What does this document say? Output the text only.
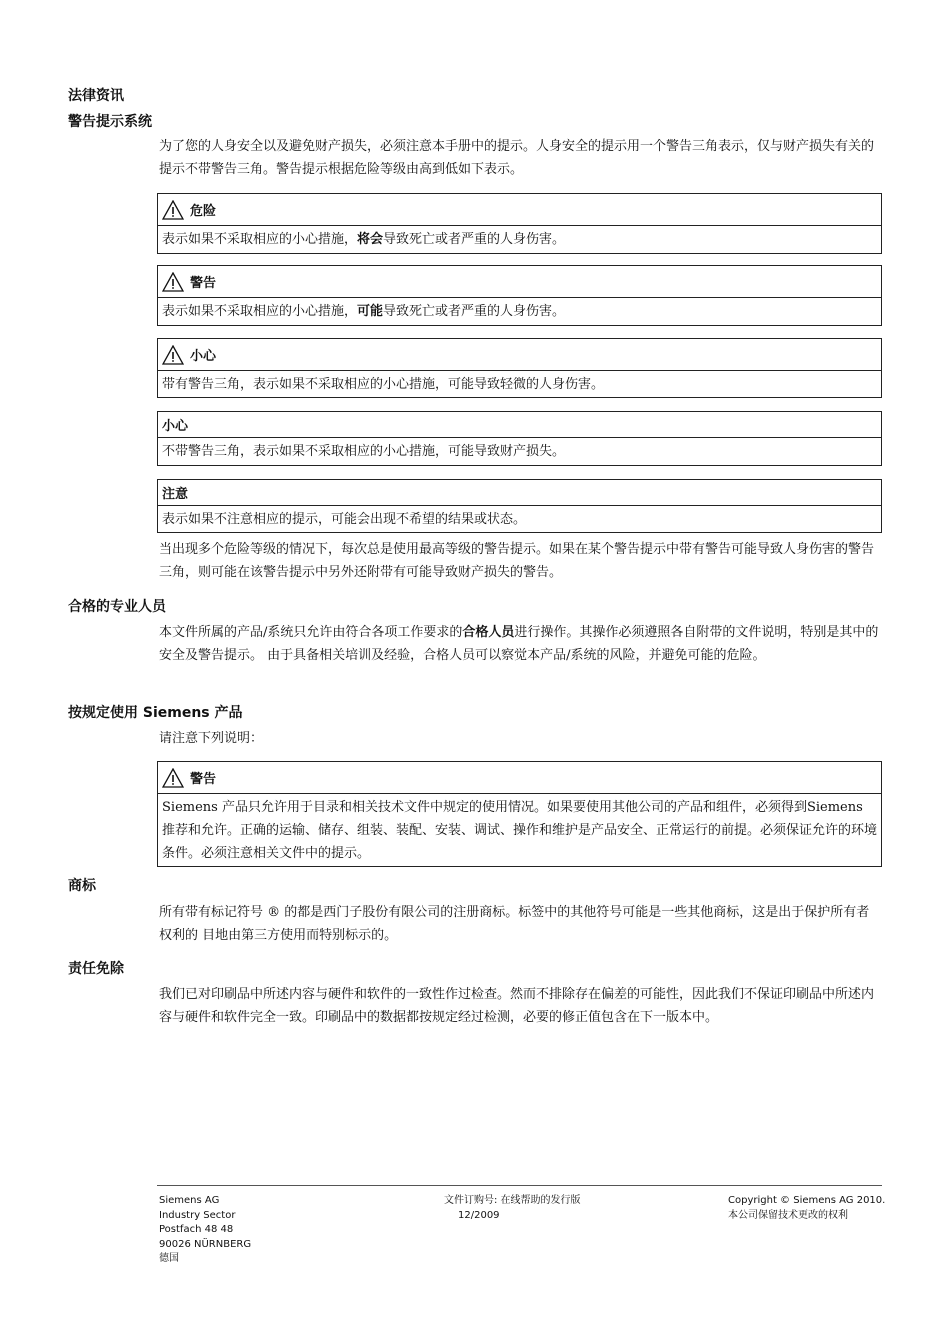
法律资讯
警告提示系统
为了您的人身安全以及避免财产损失，必须注意本手册中的提示。人身安全的提示用一个警告三角表示，仅与财产损失有关的提示不带警告三角。警告提示根据危险等级由高到低如下表示。
危险
表示如果不采取相应的小心措施，将会导致死亡或者严重的人身伤害。
警告
表示如果不采取相应的小心措施，可能导致死亡或者严重的人身伤害。
小心
带有警告三角，表示如果不采取相应的小心措施，可能导致轻微的人身伤害。
小心
不带警告三角，表示如果不采取相应的小心措施，可能导致财产损失。
注意
表示如果不注意相应的提示，可能会出现不希望的结果或状态。
当出现多个危险等级的情况下，每次总是使用最高等级的警告提示。如果在某个警告提示中带有警告可能导致人身伤害的警告三角，则可能在该警告提示中另外还附带有可能导致财产损失的警告。
合格的专业人员
本文件所属的产品/系统只允许由符合各项工作要求的合格人员进行操作。其操作必须遵照各自附带的文件说明，特别是其中的安全及警告提示。 由于具备相关培训及经验，合格人员可以察觉本产品/系统的风险，并避免可能的危险。
按规定使用 Siemens 产品
请注意下列说明：
警告
Siemens 产品只允许用于目录和相关技术文件中规定的使用情况。如果要使用其他公司的产品和组件，必须得到Siemens 推荐和允许。正确的运输、储存、组装、装配、安装、调试、操作和维护是产品安全、正常运行的前提。必须保证允许的环境条件。必须注意相关文件中的提示。
商标
所有带有标记符号 ® 的都是西门子股份有限公司的注册商标。标签中的其他符号可能是一些其他商标，这是出于保护所有者权利的 目地由第三方使用而特别标示的。
责任免除
我们已对印刷品中所述内容与硬件和软件的一致性作过检查。然而不排除存在偏差的可能性，因此我们不保证印刷品中所述内容与硬件和软件完全一致。印刷品中的数据都按规定经过检测，必要的修正值包含在下一版本中。
Siemens AG
Industry Sector
Postfach 48 48
90026 NÜRNBERG
德国
文件订购号: 在线帮助的发行版
12/2009
Copyright © Siemens AG 2010.
本公司保留技术更改的权利
